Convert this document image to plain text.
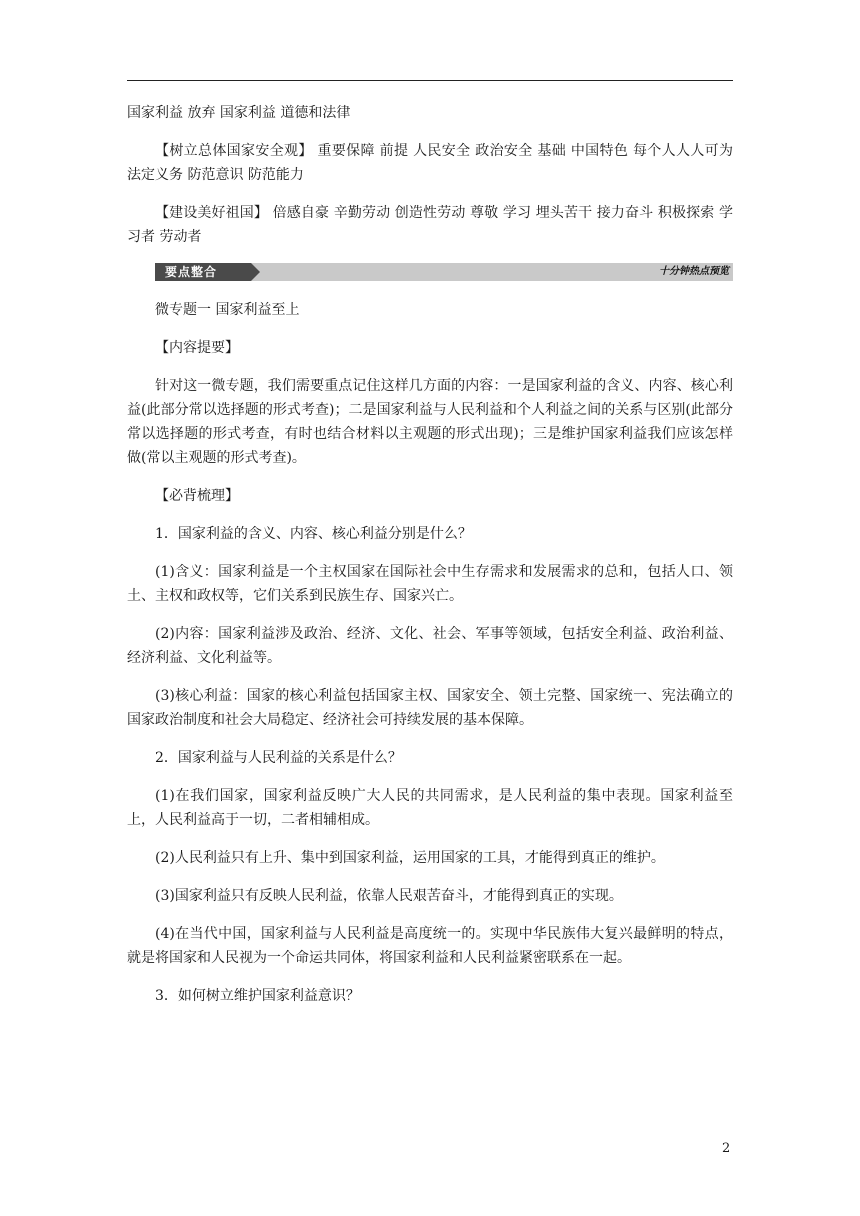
国家利益 放弃 国家利益 道德和法律

【树立总体国家安全观】 重要保障 前提 人民安全 政治安全 基础 中国特色 每个人人人可为 法定义务 防范意识 防范能力

【建设美好祖国】 倍感自豪 辛勤劳动 创造性劳动 尊敬 学习 埋头苦干 接力奋斗 积极探索 学习者 劳动者

要点整合	十分钟热点预览

微专题一 国家利益至上

【内容提要】

针对这一微专题，我们需要重点记住这样几方面的内容：一是国家利益的含义、内容、核心利益(此部分常以选择题的形式考查)；二是国家利益与人民利益和个人利益之间的关系与区别(此部分常以选择题的形式考查，有时也结合材料以主观题的形式出现)；三是维护国家利益我们应该怎样做(常以主观题的形式考查)。

【必背梳理】

1．国家利益的含义、内容、核心利益分别是什么？

(1)含义：国家利益是一个主权国家在国际社会中生存需求和发展需求的总和，包括人口、领土、主权和政权等，它们关系到民族生存、国家兴亡。

(2)内容：国家利益涉及政治、经济、文化、社会、军事等领域，包括安全利益、政治利益、经济利益、文化利益等。

(3)核心利益：国家的核心利益包括国家主权、国家安全、领土完整、国家统一、宪法确立的国家政治制度和社会大局稳定、经济社会可持续发展的基本保障。

2．国家利益与人民利益的关系是什么？

(1)在我们国家，国家利益反映广大人民的共同需求，是人民利益的集中表现。国家利益至上，人民利益高于一切，二者相辅相成。

(2)人民利益只有上升、集中到国家利益，运用国家的工具，才能得到真正的维护。

(3)国家利益只有反映人民利益，依靠人民艰苦奋斗，才能得到真正的实现。

(4)在当代中国，国家利益与人民利益是高度统一的。实现中华民族伟大复兴最鲜明的特点，就是将国家和人民视为一个命运共同体，将国家利益和人民利益紧密联系在一起。

3．如何树立维护国家利益意识？

2
